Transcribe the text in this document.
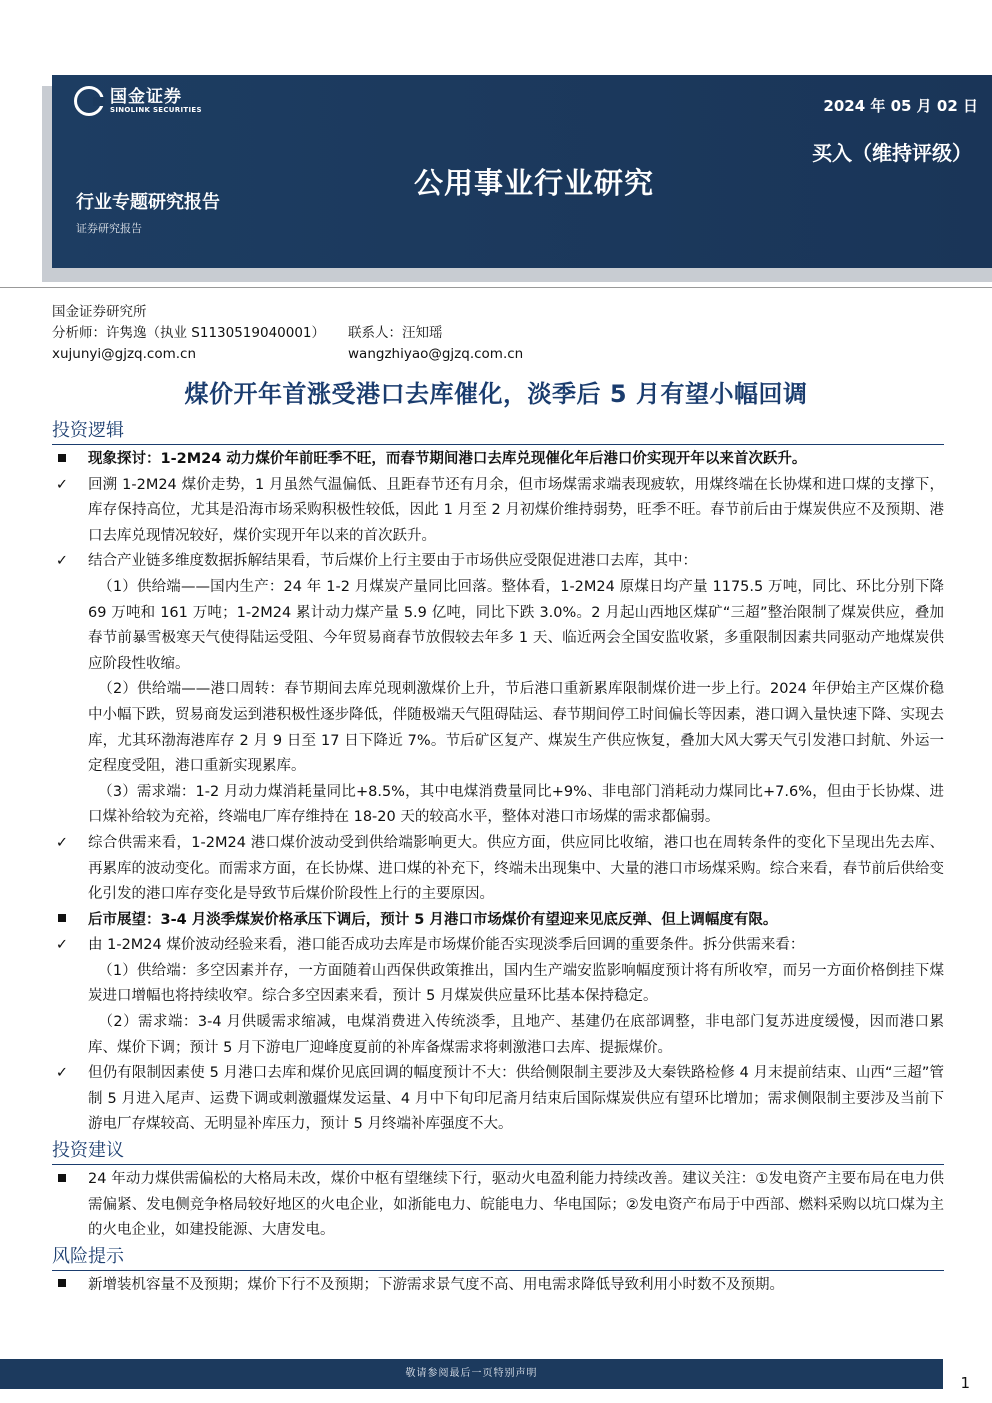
国金证券
SINOLINK SECURITIES	2024 年 05 月 02 日
买入（维持评级）
公用事业行业研究
行业专题研究报告
证券研究报告
国金证券研究所
分析师：许隽逸（执业 S1130519040001） 联系人：汪知瑶
xujunyi@gjzq.com.cn	wangzhiyao@gjzq.com.cn
煤价开年首涨受港口去库催化，淡季后 5 月有望小幅回调
投资逻辑
现象探讨：1-2M24 动力煤价年前旺季不旺，而春节期间港口去库兑现催化年后港口价实现开年以来首次跃升。
✓ 回溯 1-2M24 煤价走势，1 月虽然气温偏低、且距春节还有月余，但市场煤需求端表现疲软，用煤终端在长协煤和进口煤的支撑下，库存保持高位，尤其是沿海市场采购积极性较低，因此 1 月至 2 月初煤价维持弱势，旺季不旺。春节前后由于煤炭供应不及预期、港口去库兑现情况较好，煤价实现开年以来的首次跃升。
✓ 结合产业链多维度数据拆解结果看，节后煤价上行主要由于市场供应受限促进港口去库，其中：
（1）供给端——国内生产：24 年 1-2 月煤炭产量同比回落。整体看，1-2M24 原煤日均产量 1175.5 万吨，同比、环比分别下降 69 万吨和 161 万吨；1-2M24 累计动力煤产量 5.9 亿吨，同比下跌 3.0%。2 月起山西地区煤矿“三超”整治限制了煤炭供应，叠加春节前暴雪极寒天气使得陆运受阻、今年贸易商春节放假较去年多 1 天、临近两会全国安监收紧，多重限制因素共同驱动产地煤炭供应阶段性收缩。
（2）供给端——港口周转：春节期间去库兑现刺激煤价上升，节后港口重新累库限制煤价进一步上行。2024 年伊始主产区煤价稳中小幅下跌，贸易商发运到港积极性逐步降低，伴随极端天气阻碍陆运、春节期间停工时间偏长等因素，港口调入量快速下降、实现去库，尤其环渤海港库存 2 月 9 日至 17 日下降近 7%。节后矿区复产、煤炭生产供应恢复，叠加大风大雾天气引发港口封航、外运一定程度受阻，港口重新实现累库。
（3）需求端：1-2 月动力煤消耗量同比+8.5%，其中电煤消费量同比+9%、非电部门消耗动力煤同比+7.6%，但由于长协煤、进口煤补给较为充裕，终端电厂库存维持在 18-20 天的较高水平，整体对港口市场煤的需求都偏弱。
✓ 综合供需来看，1-2M24 港口煤价波动受到供给端影响更大。供应方面，供应同比收缩，港口也在周转条件的变化下呈现出先去库、再累库的波动变化。而需求方面，在长协煤、进口煤的补充下，终端未出现集中、大量的港口市场煤采购。综合来看，春节前后供给变化引发的港口库存变化是导致节后煤价阶段性上行的主要原因。
后市展望：3-4 月淡季煤炭价格承压下调后，预计 5 月港口市场煤价有望迎来见底反弹、但上调幅度有限。
✓ 由 1-2M24 煤价波动经验来看，港口能否成功去库是市场煤价能否实现淡季后回调的重要条件。拆分供需来看：
（1）供给端：多空因素并存，一方面随着山西保供政策推出，国内生产端安监影响幅度预计将有所收窄，而另一方面价格倒挂下煤炭进口增幅也将持续收窄。综合多空因素来看，预计 5 月煤炭供应量环比基本保持稳定。
（2）需求端：3-4 月供暖需求缩减，电煤消费进入传统淡季，且地产、基建仍在底部调整，非电部门复苏进度缓慢，因而港口累库、煤价下调；预计 5 月下游电厂迎峰度夏前的补库备煤需求将刺激港口去库、提振煤价。
✓ 但仍有限制因素使 5 月港口去库和煤价见底回调的幅度预计不大：供给侧限制主要涉及大秦铁路检修 4 月末提前结束、山西“三超”管制 5 月进入尾声、运费下调或刺激疆煤发运量、4 月中下旬印尼斋月结束后国际煤炭供应有望环比增加；需求侧限制主要涉及当前下游电厂存煤较高、无明显补库压力，预计 5 月终端补库强度不大。
投资建议
24 年动力煤供需偏松的大格局未改，煤价中枢有望继续下行，驱动火电盈利能力持续改善。建议关注：①发电资产主要布局在电力供需偏紧、发电侧竞争格局较好地区的火电企业，如浙能电力、皖能电力、华电国际；②发电资产布局于中西部、燃料采购以坑口煤为主的火电企业，如建投能源、大唐发电。
风险提示
新增装机容量不及预期；煤价下行不及预期；下游需求景气度不高、用电需求降低导致利用小时数不及预期。
敬请参阅最后一页特别声明
1
